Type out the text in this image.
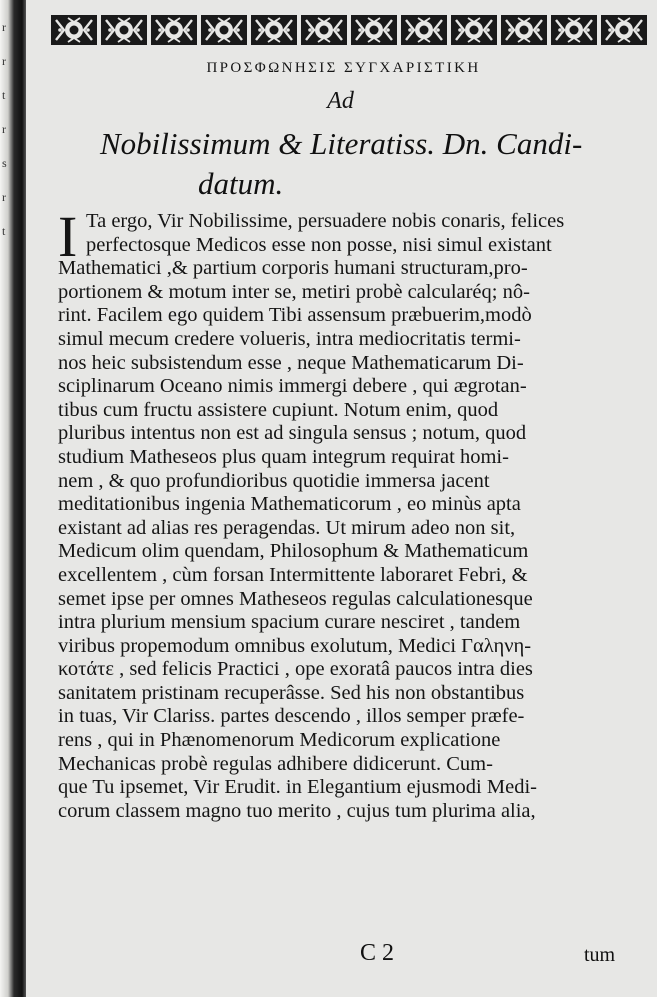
r
r
t
r
s
r
t
ΠΡΟΣΦΩΝΗΣΙΣ ΣΥΓΧΑΡΙΣΤΙΚΗ
Ad
Nobilissimum & Literatiss. Dn. Candi-
datum.
I Ta ergo, Vir Nobilissime, persuadere nobis conaris, felices
perfectosque Medicos esse non posse, nisi simul existant
Mathematici ,& partium corporis humani structuram,pro-
portionem & motum inter se, metiri probè calcularéq; nô-
rint. Facilem ego quidem Tibi assensum præbuerim,modò
simul mecum credere volueris, intra mediocritatis termi-
nos heic subsistendum esse , neque Mathematicarum Di-
sciplinarum Oceano nimis immergi debere , qui ægrotan-
tibus cum fructu assistere cupiunt. Notum enim, quod
pluribus intentus non est ad singula sensus ; notum, quod
studium Matheseos plus quam integrum requirat homi-
nem , & quo profundioribus quotidie immersa jacent
meditationibus ingenia Mathematicorum , eo minùs apta
existant ad alias res peragendas. Ut mirum adeo non sit,
Medicum olim quendam, Philosophum & Mathematicum
excellentem , cùm forsan Intermittente laboraret Febri, &
semet ipse per omnes Matheseos regulas calculationesque
intra plurium mensium spacium curare nesciret , tandem
viribus propemodum omnibus exolutum, Medici Γαληνη-
κοτάτε , sed felicis Practici , ope exoratâ paucos intra dies
sanitatem pristinam recuperâsse. Sed his non obstantibus
in tuas, Vir Clariss. partes descendo , illos semper præfe-
rens , qui in Phænomenorum Medicorum explicatione
Mechanicas probè regulas adhibere didicerunt. Cum-
que Tu ipsemet, Vir Erudit. in Elegantium ejusmodi Medi-
corum classem magno tuo merito , cujus tum plurima alia,
C 2	tum
